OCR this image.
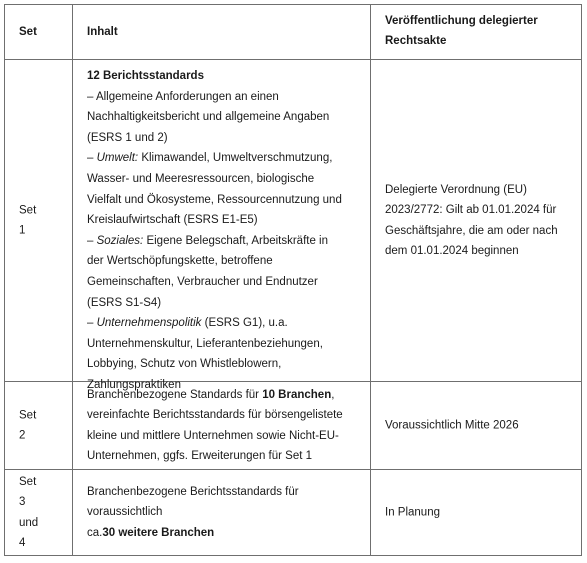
Set	Inhalt
Veröffentlichung delegierter
Rechtsakte
Set
1
12 Berichtsstandards
– Allgemeine Anforderungen an einen
Nachhaltigkeitsbericht und allgemeine Angaben
(ESRS 1 und 2)
– Umwelt: Klimawandel, Umweltverschmutzung,
Wasser- und Meeresressourcen, biologische
Vielfalt und Ökosysteme, Ressourcennutzung und
Kreislaufwirtschaft (ESRS E1-E5)
– Soziales: Eigene Belegschaft, Arbeitskräfte in
der Wertschöpfungskette, betroffene
Gemeinschaften, Verbraucher und Endnutzer
(ESRS S1-S4)
– Unternehmenspolitik (ESRS G1), u.a.
Unternehmenskultur, Lieferantenbeziehungen,
Lobbying, Schutz von Whistleblowern,
Zahlungspraktiken
Delegierte Verordnung (EU)
2023/2772: Gilt ab 01.01.2024 für
Geschäftsjahre, die am oder nach
dem 01.01.2024 beginnen
Set
2
Branchenbezogene Standards für 10 Branchen,
vereinfachte Berichtsstandards für börsengelistete
kleine und mittlere Unternehmen sowie Nicht-EU-
Unternehmen, ggfs. Erweiterungen für Set 1
Voraussichtlich Mitte 2026
Set
3
und
4
Branchenbezogene Berichtsstandards für
voraussichtlich
ca.30 weitere Branchen
In Planung
